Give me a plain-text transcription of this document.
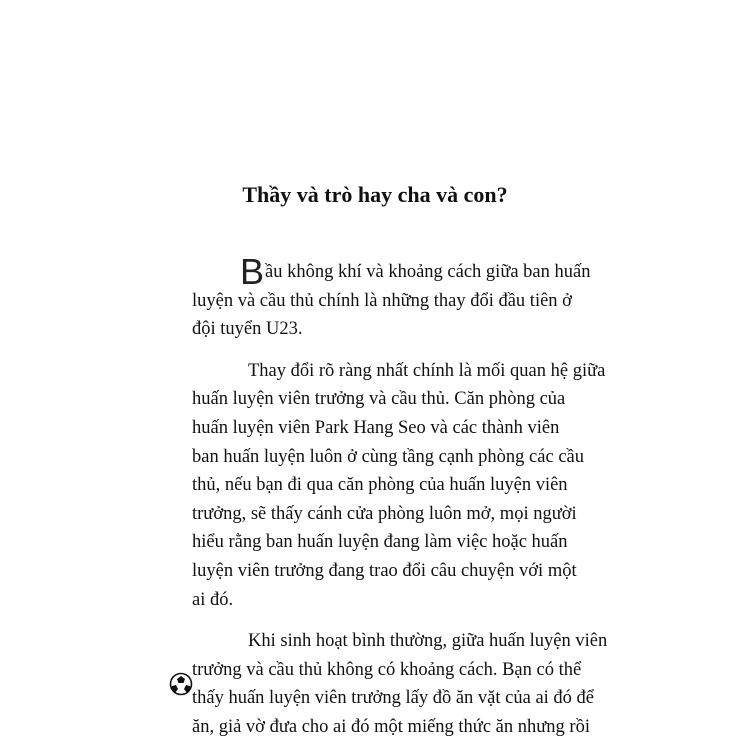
Thầy và trò hay cha và con?
Bầu không khí và khoảng cách giữa ban huấn
luyện và cầu thủ chính là những thay đổi đầu tiên ở
đội tuyển U23.
Thay đổi rõ ràng nhất chính là mối quan hệ giữa
huấn luyện viên trưởng và cầu thủ. Căn phòng của
huấn luyện viên Park Hang Seo và các thành viên
ban huấn luyện luôn ở cùng tầng cạnh phòng các cầu
thủ, nếu bạn đi qua căn phòng của huấn luyện viên
trưởng, sẽ thấy cánh cửa phòng luôn mở, mọi người
hiểu rằng ban huấn luyện đang làm việc hoặc huấn
luyện viên trưởng đang trao đổi câu chuyện với một
ai đó.
Khi sinh hoạt bình thường, giữa huấn luyện viên
trưởng và cầu thủ không có khoảng cách. Bạn có thể
thấy huấn luyện viên trưởng lấy đồ ăn vặt của ai đó để
ăn, giả vờ đưa cho ai đó một miếng thức ăn nhưng rồi
